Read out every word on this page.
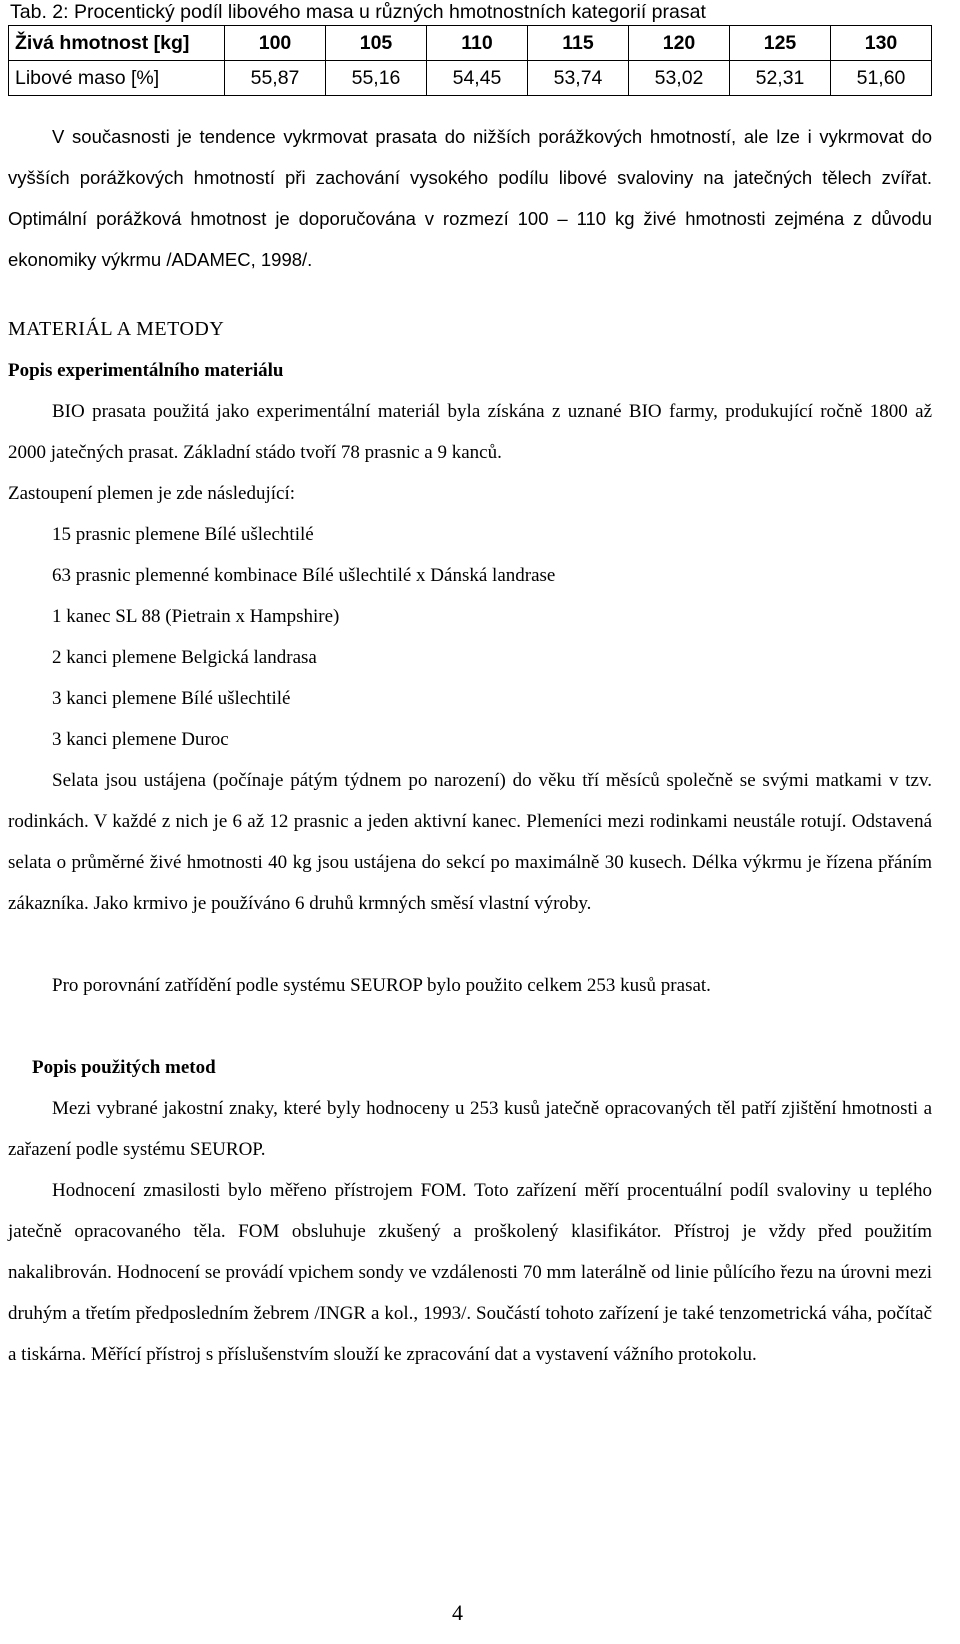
Tab. 2: Procentický podíl libového masa u různých hmotnostních kategorií prasat
Živá hmotnost [kg]	100	105	110	115	120	125	130
Libové maso [%]	55,87	55,16	54,45	53,74	53,02	52,31	51,60

V současnosti je tendence vykrmovat prasata do nižších porážkových hmotností, ale lze i vykrmovat do vyšších porážkových hmotností při zachování vysokého podílu libové svaloviny na jatečných tělech zvířat. Optimální porážková hmotnost je doporučována v rozmezí 100 – 110 kg živé hmotnosti zejména z důvodu ekonomiky výkrmu /ADAMEC, 1998/.

MATERIÁL A METODY
Popis experimentálního materiálu

BIO prasata použitá jako experimentální materiál byla získána z uznané BIO farmy, produkující ročně 1800 až 2000 jatečných prasat. Základní stádo tvoří 78 prasnic a 9 kanců.

Zastoupení plemen je zde následující:
15 prasnic plemene Bílé ušlechtilé
63 prasnic plemenné kombinace Bílé ušlechtilé x Dánská landrase
1 kanec SL 88 (Pietrain x Hampshire)
2 kanci plemene Belgická landrasa
3 kanci plemene Bílé ušlechtilé
3 kanci plemene Duroc

Selata jsou ustájena (počínaje pátým týdnem po narození) do věku tří měsíců společně se svými matkami v tzv. rodinkách. V každé z nich je 6 až 12 prasnic a jeden aktivní kanec. Plemeníci mezi rodinkami neustále rotují. Odstavená selata o průměrné živé hmotnosti 40 kg jsou ustájena do sekcí po maximálně 30 kusech. Délka výkrmu je řízena přáním zákazníka. Jako krmivo je používáno 6 druhů krmných směsí vlastní výroby.

Pro porovnání zatřídění podle systému SEUROP bylo použito celkem 253 kusů prasat.

Popis použitých metod

Mezi vybrané jakostní znaky, které byly hodnoceny u 253 kusů jatečně opracovaných těl patří zjištění hmotnosti a zařazení podle systému SEUROP.

Hodnocení zmasilosti bylo měřeno přístrojem FOM. Toto zařízení měří procentuální podíl svaloviny u teplého jatečně opracovaného těla. FOM obsluhuje zkušený a proškolený klasifikátor. Přístroj je vždy před použitím nakalibrován. Hodnocení se provádí vpichem sondy ve vzdálenosti 70 mm laterálně od linie půlícího řezu na úrovni mezi druhým a třetím předposledním žebrem /INGR a kol., 1993/. Součástí tohoto zařízení je také tenzometrická váha, počítač a tiskárna. Měřící přístroj s příslušenstvím slouží ke zpracování dat a vystavení vážního protokolu.

4
